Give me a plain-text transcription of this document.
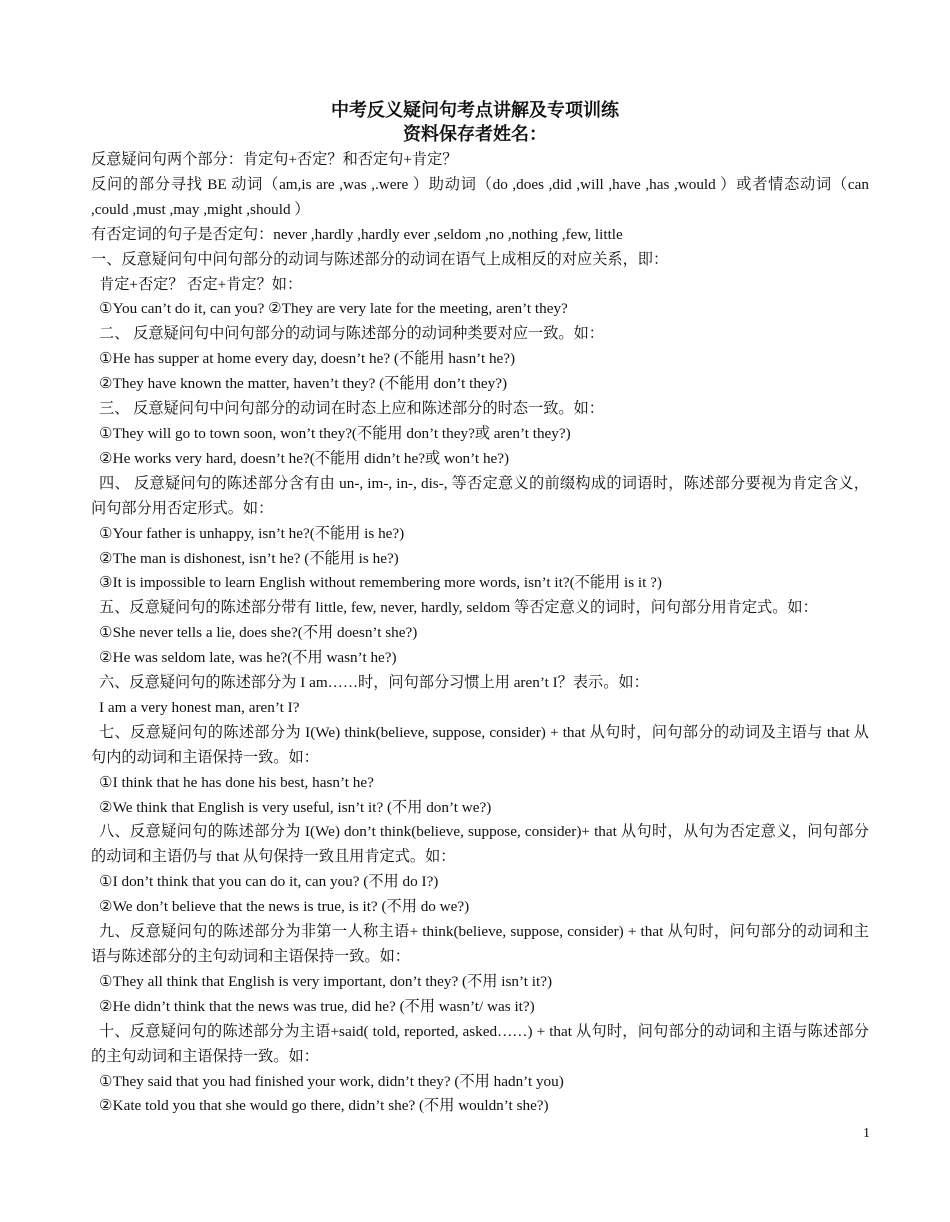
中考反义疑问句考点讲解及专项训练
资料保存者姓名：

反意疑问句两个部分：肯定句+否定？和否定句+肯定？

反问的部分寻找 BE 动词（am,is are ,was ,.were ）助动词（do ,does ,did ,will ,have ,has ,would ）或者情态动词（can ,could ,must ,may ,might ,should ）

有否定词的句子是否定句：never ,hardly ,hardly ever ,seldom ,no ,nothing ,few, little

一、反意疑问句中问句部分的动词与陈述部分的动词在语气上成相反的对应关系，即：

肯定+否定？ 否定+肯定？如：

①You can’t do it, can you? ②They are very late for the meeting, aren’t they?

二、 反意疑问句中问句部分的动词与陈述部分的动词种类要对应一致。如：

①He has supper at home every day, doesn’t he? (不能用 hasn’t he?)

②They have known the matter, haven’t they? (不能用 don’t they?)

三、 反意疑问句中问句部分的动词在时态上应和陈述部分的时态一致。如：

①They will go to town soon, won’t they?(不能用 don’t they?或 aren’t they?)

②He works very hard, doesn’t he?(不能用 didn’t he?或 won’t he?)

四、 反意疑问句的陈述部分含有由 un-, im-, in-, dis-, 等否定意义的前缀构成的词语时，陈述部分要视为肯定含义，问句部分用否定形式。如：

①Your father is unhappy, isn’t he?(不能用 is he?)

②The man is dishonest, isn’t he? (不能用 is he?)

③It is impossible to learn English without remembering more words, isn’t it?(不能用 is it ?)

五、反意疑问句的陈述部分带有 little, few, never, hardly, seldom 等否定意义的词时，问句部分用肯定式。如：

①She never tells a lie, does she?(不用 doesn’t she?)

②He was seldom late, was he?(不用 wasn’t he?)

六、反意疑问句的陈述部分为 I am……时，问句部分习惯上用 aren’t I？表示。如：

I am a very honest man, aren’t I?

七、反意疑问句的陈述部分为 I(We) think(believe, suppose, consider) + that 从句时，问句部分的动词及主语与 that 从句内的动词和主语保持一致。如：

①I think that he has done his best, hasn’t he?

②We think that English is very useful, isn’t it? (不用 don’t we?)

八、反意疑问句的陈述部分为 I(We) don’t think(believe, suppose, consider)+ that 从句时，从句为否定意义，问句部分的动词和主语仍与 that 从句保持一致且用肯定式。如：

①I don’t think that you can do it, can you? (不用 do I?)

②We don’t believe that the news is true, is it? (不用 do we?)

九、反意疑问句的陈述部分为非第一人称主语+ think(believe, suppose, consider) + that 从句时，问句部分的动词和主语与陈述部分的主句动词和主语保持一致。如：

①They all think that English is very important, don’t they? (不用 isn’t it?)

②He didn’t think that the news was true, did he? (不用 wasn’t/ was it?)

十、反意疑问句的陈述部分为主语+said( told, reported, asked……) + that 从句时，问句部分的动词和主语与陈述部分的主句动词和主语保持一致。如：

①They said that you had finished your work, didn’t they? (不用 hadn’t you)

②Kate told you that she would go there, didn’t she? (不用 wouldn’t she?)

1
